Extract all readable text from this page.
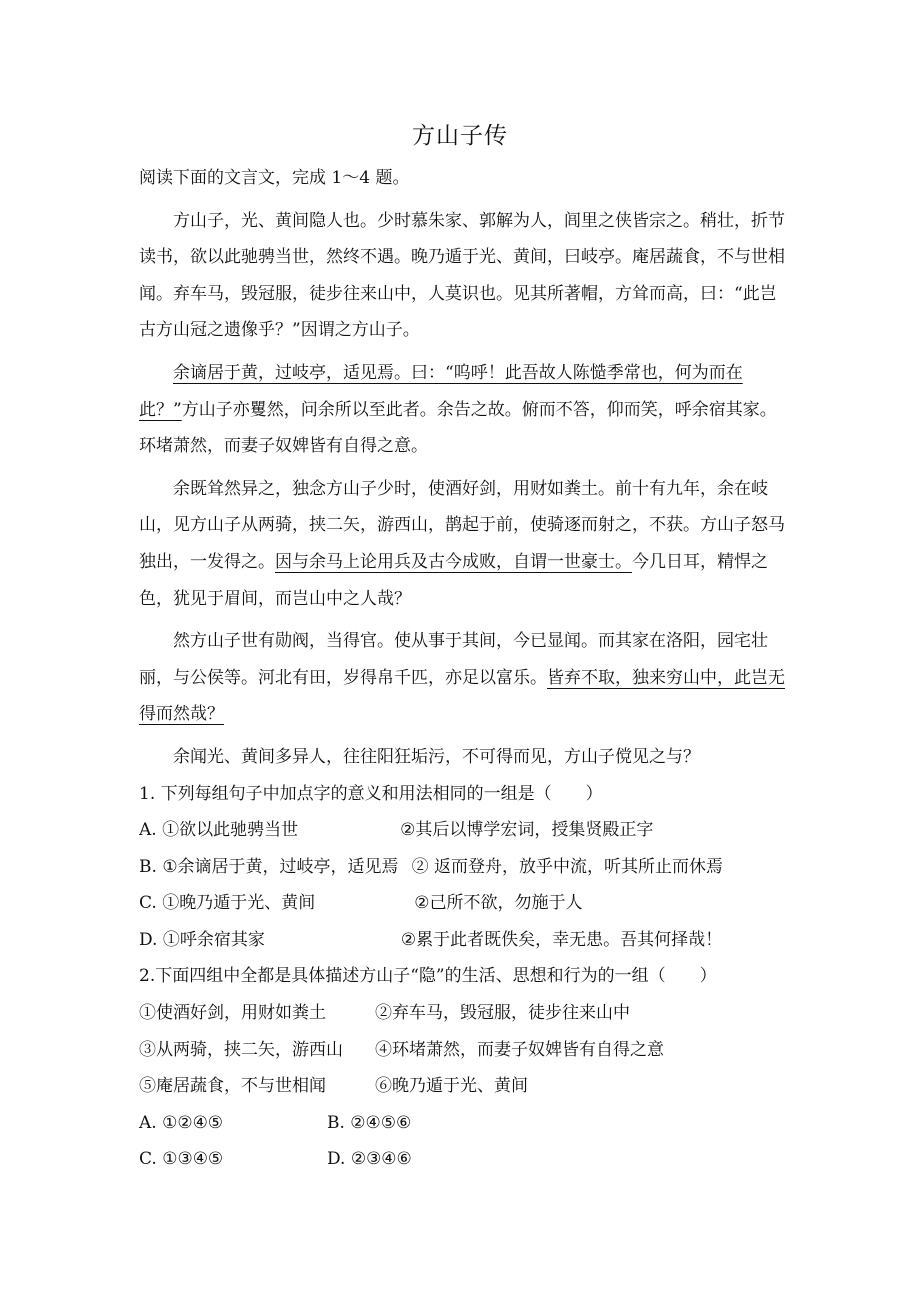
方山子传

阅读下面的文言文，完成 1～4 题。

方山子，光、黄间隐人也。少时慕朱家、郭解为人，闾里之侠皆宗之。稍壮，折节读书，欲以此驰骋当世，然终不遇。晚乃遁于光、黄间，曰岐亭。庵居蔬食，不与世相闻。弃车马，毁冠服，徒步往来山中，人莫识也。见其所著帽，方耸而高，曰：“此岂古方山冠之遗像乎？”因谓之方山子。

余谪居于黄，过岐亭，适见焉。曰：“呜呼！此吾故人陈慥季常也，何为而在此？”方山子亦矍然，问余所以至此者。余告之故。俯而不答，仰而笑，呼余宿其家。环堵萧然，而妻子奴婢皆有自得之意。

余既耸然异之，独念方山子少时，使酒好剑，用财如粪土。前十有九年，余在岐山，见方山子从两骑，挟二矢，游西山，鹊起于前，使骑逐而射之，不获。方山子怒马独出，一发得之。因与余马上论用兵及古今成败，自谓一世豪士。今几日耳，精悍之色，犹见于眉间，而岂山中之人哉？

然方山子世有勋阀，当得官。使从事于其间，今已显闻。而其家在洛阳，园宅壮丽，与公侯等。河北有田，岁得帛千匹，亦足以富乐。皆弃不取，独来穷山中，此岂无得而然哉？

余闻光、黄间多异人，往往阳狂垢污，不可得而见，方山子傥见之与？

1. 下列每组句子中加点字的意义和用法相同的一组是（　　）

A. ①欲以此驰骋当世	②其后以博学宏词，授集贤殿正字

B. ①余谪居于黄，过岐亭，适见焉 ② 返而登舟，放乎中流，听其所止而休焉

C. ①晚乃遁于光、黄间	②己所不欲，勿施于人

D. ①呼余宿其家	②累于此者既佚矣，幸无患。吾其何择哉！

2.下面四组中全都是具体描述方山子“隐”的生活、思想和行为的一组（　　）

①使酒好剑，用财如粪土	②弃车马，毁冠服，徒步往来山中

③从两骑，挟二矢，游西山 ④环堵萧然，而妻子奴婢皆有自得之意

⑤庵居蔬食，不与世相闻	⑥晚乃遁于光、黄间

A. ①②④⑤	B. ②④⑤⑥

C. ①③④⑤	D. ②③④⑥
